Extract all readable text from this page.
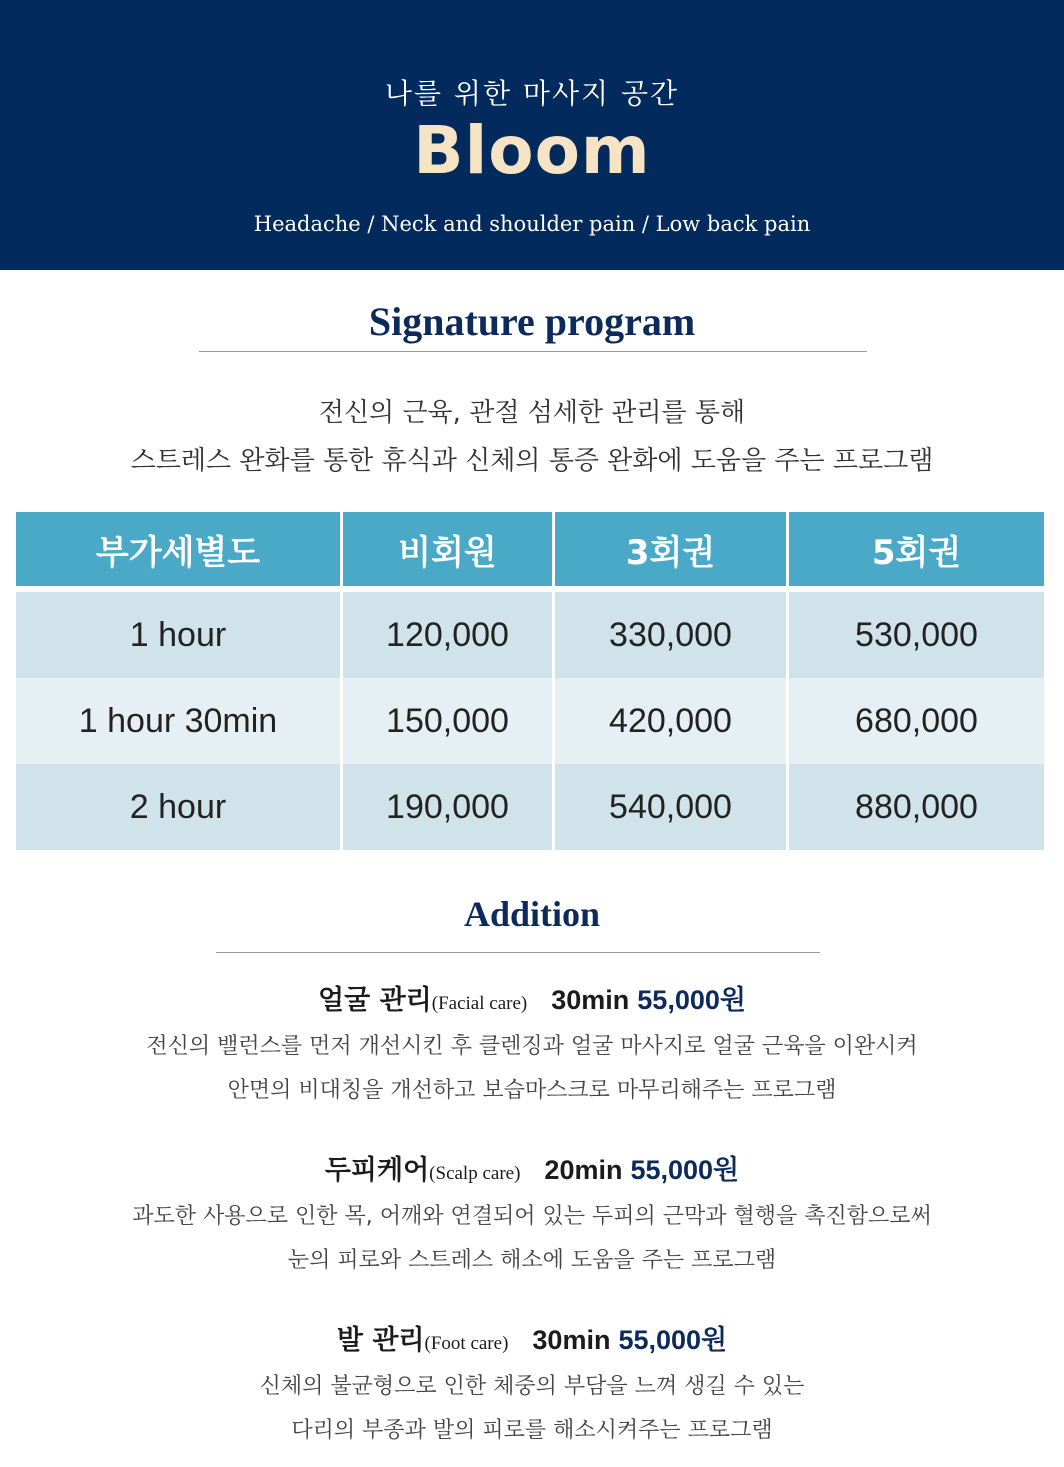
나를 위한 마사지 공간
Bloom
Headache / Neck and shoulder pain / Low back pain
Signature program
전신의 근육, 관절 섬세한 관리를 통해
스트레스 완화를 통한 휴식과 신체의 통증 완화에 도움을 주는 프로그램
부가세별도	비회원	3회권	5회권

1 hour	120,000	330,000	530,000
1 hour 30min	150,000	420,000	680,000
2 hour	190,000	540,000	880,000
Addition
얼굴 관리(Facial care) 30min 55,000원
전신의 밸런스를 먼저 개선시킨 후 클렌징과 얼굴 마사지로 얼굴 근육을 이완시켜
안면의 비대칭을 개선하고 보습마스크로 마무리해주는 프로그램
두피케어(Scalp care) 20min 55,000원
과도한 사용으로 인한 목, 어깨와 연결되어 있는 두피의 근막과 혈행을 촉진함으로써
눈의 피로와 스트레스 해소에 도움을 주는 프로그램
발 관리(Foot care) 30min 55,000원
신체의 불균형으로 인한 체중의 부담을 느껴 생길 수 있는
다리의 부종과 발의 피로를 해소시켜주는 프로그램
